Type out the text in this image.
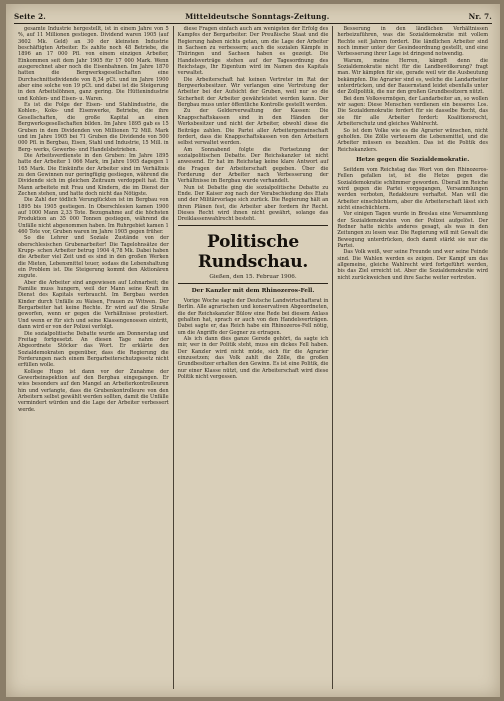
Seite 2.	Mitteldeutsche Sonntags-Zeitung.	Nr. 7.

gesamte Industrie hergestellt, ist in einem Jahre von 5 %, auf 11 Millionen gestiegen. Dividend waren 1905 (auf 3602 Mk. Geld) an 30 der kleinsten Industrie beschäftigten Arbeiter. Es zahlte noch 48 Betriebe, die 1896 an 17 000 Pfl. von einem einzigen Arbeiter, Einkommen seit dem Jahr 1905 für 17 000 Mark. Wenn ausgerechnet aber noch die Eisenbahnen. Im Jahre 1870 hatten die Bergwerksgesellschaften eine Durchschnittsdividende von 8,34 pCt. und im Jahre 1900 aber eine solche von 19 pCt. und dabei ist die Steigerung in den Arbeitslöhnen, ganz gering. Die Hüttenindustrie und Kohlen- und Eisen- u. Waren.

Es ist die Folge der Eisen- und Stahlindustrie, die Kohlen-, Koks- und Eisenwerke, Betriebe, die ihre Gesellschaften, die große Kapital an einen Bergwerksgesellschaften bilden. Im Jahre 1895 gab es 15 Gruben in dem Dividenden von Millionen 72 Mill. Mark und im Jahre 1905 bei 71 Gruben die Dividende von 500 000 Pfl. in Bergbau, Eisen, Stahl und Industrie, 15 Mill. in Berg- werks, Gewerbe- und Handelsbetrieben.

Die Arbeitsverdienste in den Gruben: Im Jahre 1895 hatte der Arbeiter 1 066 Mark, im Jahre 1905 dagegen 1 165 Mark. Die Einkünfte der Arbeiter sind im Verhältnis zu den Gewinnen nur geringfügig gestiegen, während die Dividende sich im gleichen Zeitraum verdoppelt hat. Ein Mann arbeitete mit Frau und Kindern, die im Dienst der Zechen stehen, und hatte doch nicht das Nötigste.

Die Zahl der tödlich Verunglückten ist im Bergbau von 1895 bis 1905 gestiegen. In Oberschlesien kamen 1900 auf 1000 Mann 2,33 Tote. Bezugnahme auf die höchsten Produktion an 35 000 Tonnen gestiegen, während die Unfälle nicht abgenommen haben. Im Ruhrgebiet kamen 1 460 Tote vor, Gruben waren im Jahre 1905 gegen früher.

So die Lehrer und Soziale Zustände von der oberschlesischen Grubenarbeiter! Die Tagelohnsätze der Krupp- schen Arbeiter betrug 1904 4,78 Mk. Dabei haben die Arbeiter viel Zeit und es sind in den großen Werken die Mieten, Lebensmittel teuer, sodass die Lebenshaltung ein Problem ist. Die Steigerung kommt den Aktionären zugute.

Aber die Arbeiter sind angewiesen auf Lohnarbeit; die Familie muss hungern, weil der Mann seine Kraft im Dienst des Kapitals verbraucht. Im Bergbau werden Kinder durch Unfälle zu Waisen, Frauen zu Witwen. Der Bergarbeiter hat keine Rechte. Er wird auf die Straße geworfen, wenn er gegen die Verhältnisse protestiert. Und wenn er für sich und seine Klassengenossen eintritt, dann wird er von der Polizei verfolgt.

Die sozialpolitische Debatte wurde am Donnerstag und Freitag fortgesetzt. An diesen Tage nahm der Abgeordnete Stöcker das Wort. Er erklärte den Sozialdemokraten gegenüber, dass die Regierung die Forderungen nach einem Bergarbeiterschutzgesetz nicht erfüllen wolle.

Kollege Hugo ist dann vor der Zunahme der Gewerbeinspektion auf den Bergbau eingegangen. Er wies besonders auf den Mangel an Arbeiterkontrolleuren hin und verlangte, dass die Grubenkontrolleure von den Arbeitern selbst gewählt werden sollten, damit die Unfälle vermindert würden und die Lage der Arbeiter verbessert werde.

diese Fragen einfach auch am wenigsten der Erfolg des Kampfes der Bergarbeiter. Der Preußische Staat und die Regierung haben nichts getan, um die Lage der Arbeiter in Sachsen zu verbessern; auch die sozialen Kämpfe in Thüringen und Sachsen haben es gezeigt. Die Handelsverträge stehen auf der Tagesordnung des Reichstags, Ihr Eigentum wird im Namen des Kapitals verwaltet.

Die Arbeiterschaft hat keinen Vertreter im Rat der Bergwerksbesitzer. Wir verlangen eine Vertretung der Arbeiter bei der Aufsicht der Gruben, weil nur so die Sicherheit der Arbeiter gewährleistet werden kann. Der Bergbau muss unter öffentliche Kontrolle gestellt werden.

Zu der Gelderverwaltung der Kassen: Die Knappschaftskassen sind in den Händen der Werksbesitzer und nicht der Arbeiter, obwohl diese die Beiträge zahlen. Die Partei aller Arbeitergemeinschaft fordert, dass die Knappschaftskassen von den Arbeitern selbst verwaltet werden.

Am Sonnabend folgte die Fortsetzung der sozialpolitischen Debatte. Der Reichskanzler ist nicht anwesend. Er hat im Reichstag keine klare Antwort auf die Fragen der Arbeiterschaft gegeben. Über die Forderung der Arbeiter nach Verbesserung der Verhältnisse im Bergbau wurde verhandelt.

Nun ist Debatte ging die sozialpolitische Debatte zu Ende. Der Kaiser zog nach der Verabschiedung des Etats und der Militärvorlage sich zurück. Die Regierung hält an ihren Plänen fest, die Arbeiter aber fordern ihr Recht. Dieses Recht wird ihnen nicht gewährt, solange das Dreiklassenwahlrecht besteht.

Politische Rundschau.
Gießen, den 15. Februar 1906.
Der Kanzler mit dem Rhinozeros-Fell.

Vorige Woche sagte der Deutsche Landwirtschaftsrat in Berlin. Alle agrarischen und konservativen Abgeordneten, die der Reichskanzler Bülow eine Rede bei diesem Anlass gehalten hat, sprach er auch von den Handelsverträgen. Dabei sagte er, das Reich habe ein Rhinozeros-Fell nötig, um die Angriffe der Gegner zu ertragen.

Als ich dann dies ganze Gerede gehört, da sagte ich mir, wer in der Politik steht, muss ein dickes Fell haben. Der Kanzler wird nicht müde, sich für die Agrarier einzusetzen; das Volk zahlt die Zölle, die großen Grundbesitzer erhalten den Gewinn. Es ist eine Politik, die nur einer Klasse nützt, und die Arbeiterschaft wird diese Politik nicht vergessen.

Besserung in den ländlichen Verhältnissen herbeizuführen, was die Sozialdemokratie mit vollem Rechte seit Jahren fordert. Die ländlichen Arbeiter sind noch immer unter der Gesindeordnung gestellt, und eine Verbesserung ihrer Lage ist dringend notwendig.

Warum, meine Herren, kämpft denn die Sozialdemokratie nicht für die Landbevölkerung? fragt man. Wir kämpfen für sie, gerade weil wir die Ausbeutung bekämpfen. Die Agrarier sind es, welche die Landarbeiter unterdrücken, und der Bauernstand leidet ebenfalls unter der Zollpolitik, die nur den großen Grundbesitzern nützt.

Bei dem Volksvermögen, der Landarbeiter an, so wollen wir sagen: Diese Menschen verdienen ein besseres Los. Die Sozialdemokratie fordert für sie dasselbe Recht, das sie für alle Arbeiter fordert: Koalitionsrecht, Arbeiterschutz und gleiches Wahlrecht.

So ist dem Volke wie es die Agrarier wünschen, nicht geholfen. Die Zölle verteuern die Lebensmittel, und die Arbeiter müssen es bezahlen. Das ist die Politik des Reichskanzlers.

Hetze gegen die Sozialdemokratie.

Seitdem vom Reichstag das Wort von den Rhinozeros-Fellen gefallen ist, ist die Hetze gegen die Sozialdemokratie schlimmer geworden. Überall im Reiche wird gegen die Partei vorgegangen, Versammlungen werden verboten, Redakteure verhaftet. Man will die Arbeiter einschüchtern, aber die Arbeiterschaft lässt sich nicht einschüchtern.

Vor einigen Tagen wurde in Breslau eine Versammlung der Sozialdemokraten von der Polizei aufgelöst. Der Redner hatte nichts anderes gesagt, als was in den Zeitungen zu lesen war. Die Regierung will mit Gewalt die Bewegung unterdrücken, doch damit stärkt sie nur die Partei.

Das Volk weiß, wer seine Freunde und wer seine Feinde sind. Die Wahlen werden es zeigen. Der Kampf um das allgemeine, gleiche Wahlrecht wird fortgeführt werden, bis das Ziel erreicht ist. Aber die Sozialdemokratie wird nicht zurückweichen und ihre Sache weiter vertreten.
